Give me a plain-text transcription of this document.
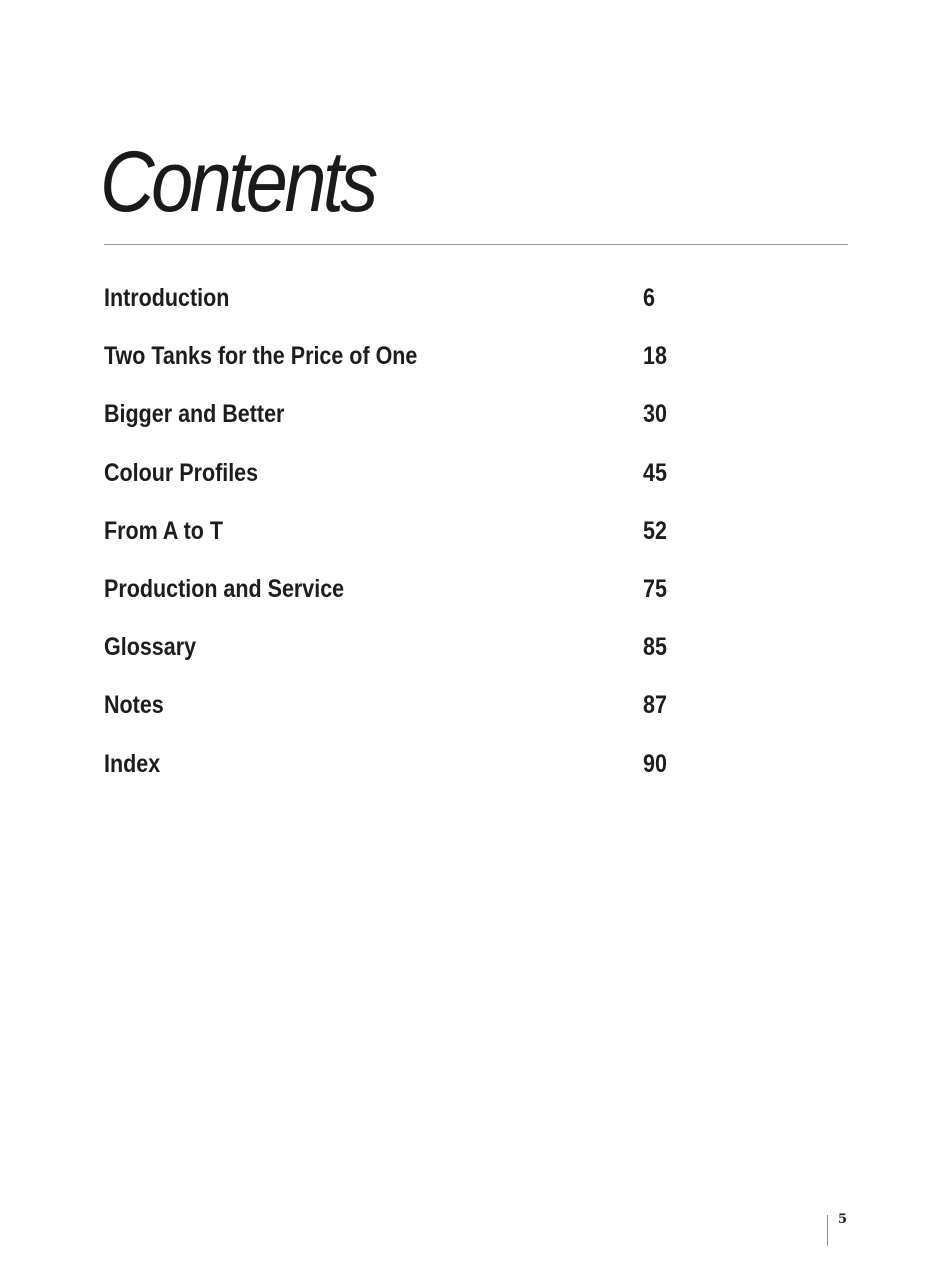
Contents
Introduction	6
Two Tanks for the Price of One	18
Bigger and Better	30
Colour Profiles	45
From A to T	52
Production and Service	75
Glossary	85
Notes	87
Index	90
5
